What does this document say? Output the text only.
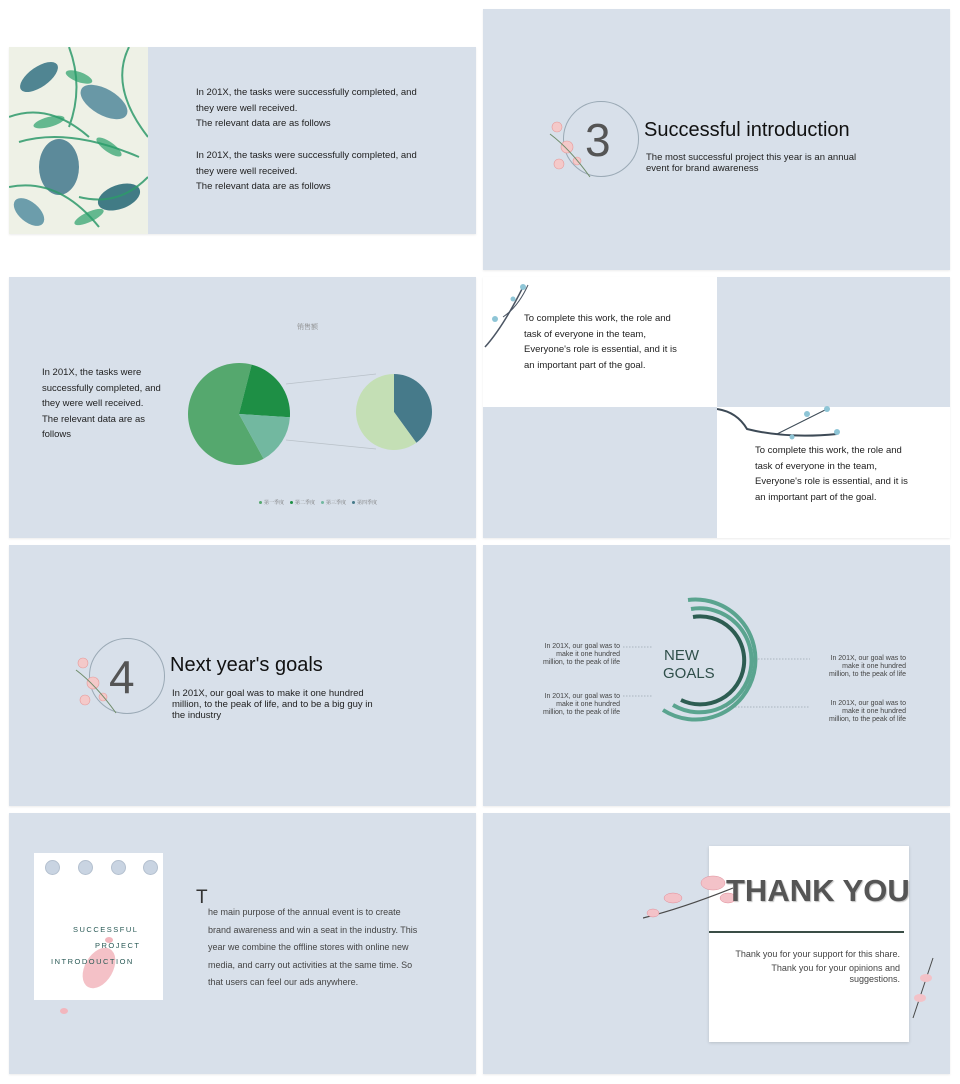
In 201X, the tasks were successfully completed, and
they were well received.
The relevant data are as follows
In 201X, the tasks were successfully completed, and
they were well received.
The relevant data are as follows
3 Successful introduction
The most successful project this year is an annual
event for brand awareness
In 201X, the tasks were
successfully completed, and
they were well received.
The relevant data are as
follows
销售额
第一季度 第二季度 第三季度 第四季度
To complete this work, the role and
task of everyone in the team,
Everyone's role is essential, and it is
an important part of the goal.
To complete this work, the role and
task of everyone in the team,
Everyone's role is essential, and it is
an important part of the goal.
4 Next year's goals
In 201X, our goal was to make it one hundred
million, to the peak of life, and to be a big guy in
the industry
NEW
GOALS
In 201X, our goal was to
make it one hundred
million, to the peak of life
In 201X, our goal was to
make it one hundred
million, to the peak of life
In 201X, our goal was to
make it one hundred
million, to the peak of life
In 201X, our goal was to
make it one hundred
million, to the peak of life
SUCCESSFUL
PROJECT
INTRODOUCTION
T
he main purpose of the annual event is to create
brand awareness and win a seat in the industry. This
year we combine the offline stores with online new
media, and carry out activities at the same time. So
that users can feel our ads anywhere.
THANK YOU
Thank you for your support for this share.
Thank you for your opinions and
suggestions.
